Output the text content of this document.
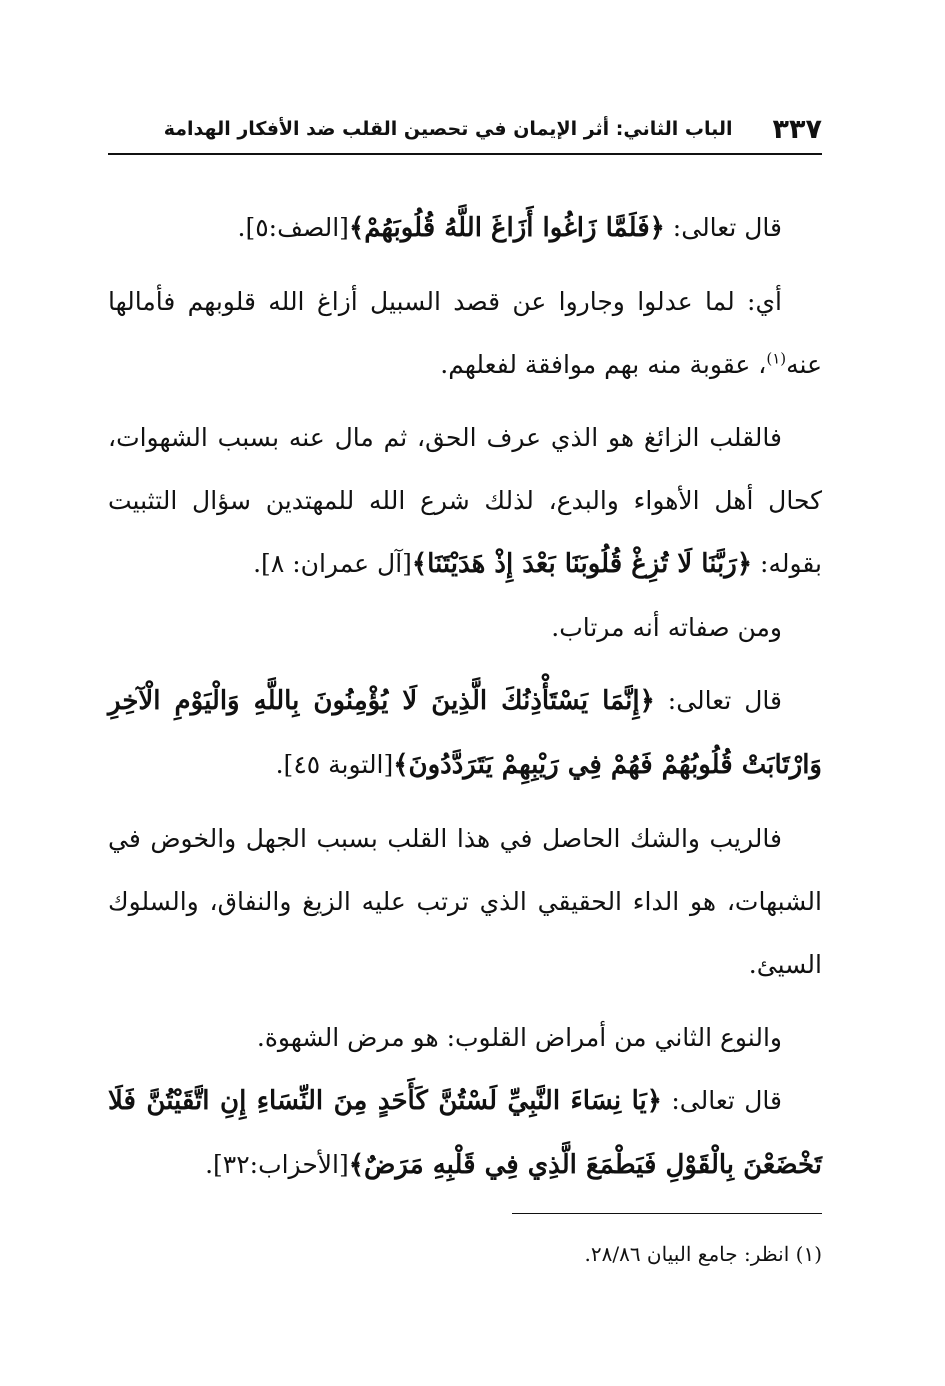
٣٣٧
الباب الثاني: أثر الإيمان في تحصين القلب ضد الأفكار الهدامة

قال تعالى: ﴿فَلَمَّا زَاغُوا أَزَاغَ اللَّهُ قُلُوبَهُمْ﴾[الصف:٥].

أي: لما عدلوا وجاروا عن قصد السبيل أزاغ الله قلوبهم فأمالها عنه$^{(١)}$، عقوبة منه بهم موافقة لفعلهم.

فالقلب الزائغ هو الذي عرف الحق، ثم مال عنه بسبب الشهوات، كحال أهل الأهواء والبدع، لذلك شرع الله للمهتدين سؤال التثبيت بقوله: ﴿رَبَّنَا لَا تُزِغْ قُلُوبَنَا بَعْدَ إِذْ هَدَيْتَنَا﴾[آل عمران: ٨].

ومن صفاته أنه مرتاب.

قال تعالى: ﴿إِنَّمَا يَسْتَأْذِنُكَ الَّذِينَ لَا يُؤْمِنُونَ بِاللَّهِ وَالْيَوْمِ الْآخِرِ وَارْتَابَتْ قُلُوبُهُمْ فَهُمْ فِي رَيْبِهِمْ يَتَرَدَّدُونَ﴾[التوبة ٤٥].

فالريب والشك الحاصل في هذا القلب بسبب الجهل والخوض في الشبهات، هو الداء الحقيقي الذي ترتب عليه الزيغ والنفاق، والسلوك السيئ.

والنوع الثاني من أمراض القلوب: هو مرض الشهوة.

قال تعالى: ﴿يَا نِسَاءَ النَّبِيِّ لَسْتُنَّ كَأَحَدٍ مِنَ النِّسَاءِ إِنِ اتَّقَيْتُنَّ فَلَا تَخْضَعْنَ بِالْقَوْلِ فَيَطْمَعَ الَّذِي فِي قَلْبِهِ مَرَضٌ﴾[الأحزاب:٣٢].

(١) انظر: جامع البيان ٢٨/٨٦.
